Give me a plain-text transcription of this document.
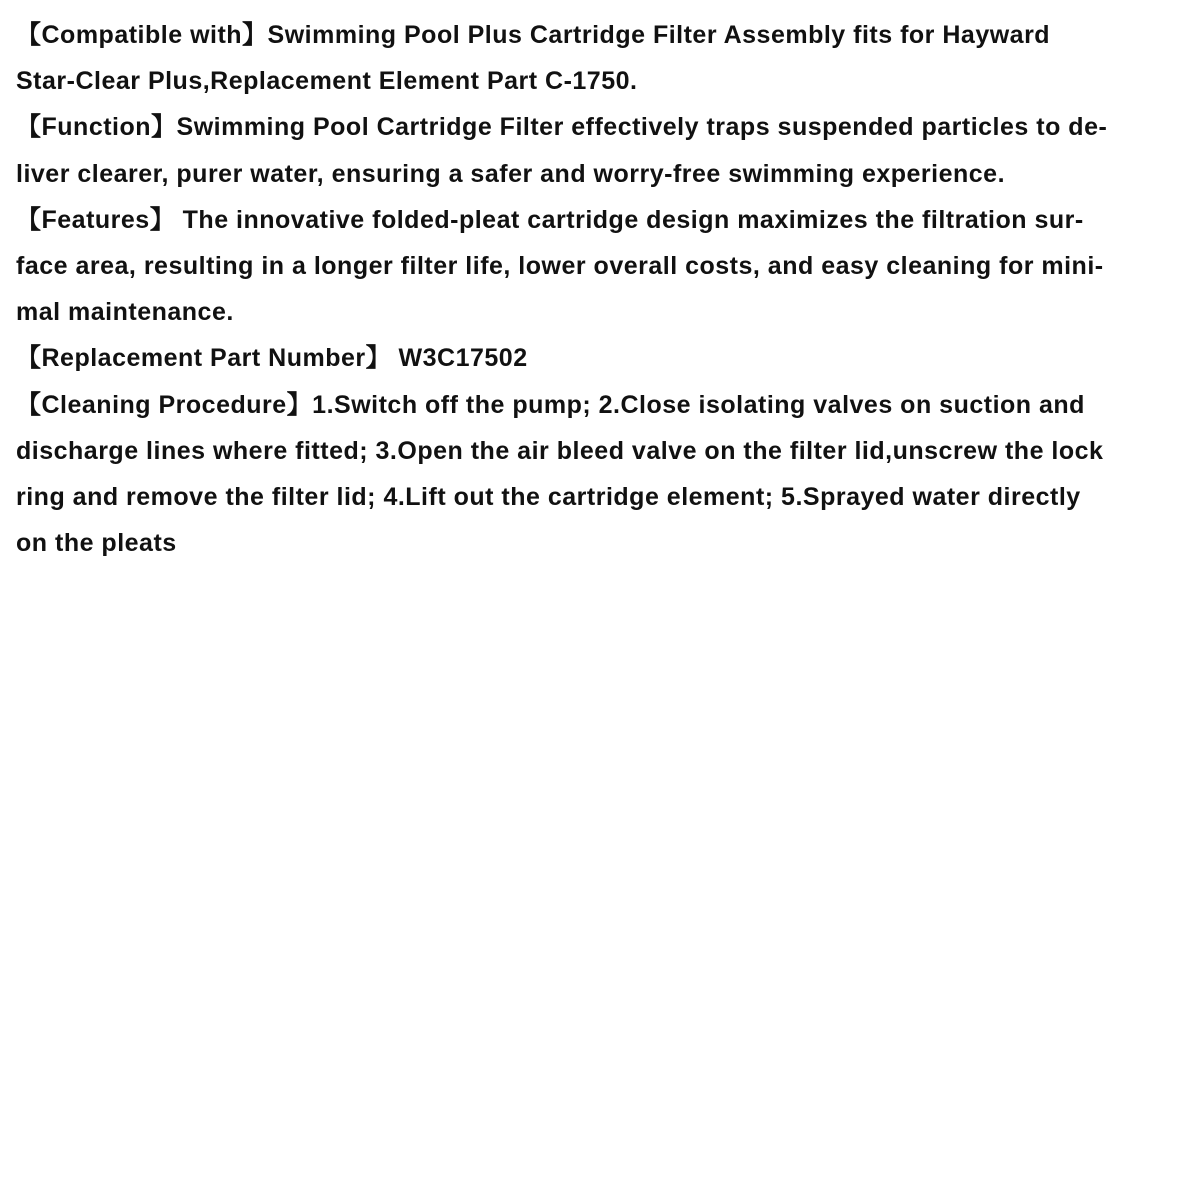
【Compatible with】Swimming Pool Plus Cartridge Filter Assembly fits for Hayward
Star-Clear Plus,Replacement Element Part C-1750.
【Function】Swimming Pool Cartridge Filter effectively traps suspended particles to de-
liver clearer, purer water, ensuring a safer and worry-free swimming experience.
【Features】 The innovative folded-pleat cartridge design maximizes the filtration sur-
face area, resulting in a longer filter life, lower overall costs, and easy cleaning for mini-
mal maintenance.
【Replacement Part Number】 W3C17502
【Cleaning Procedure】1.Switch off the pump; 2.Close isolating valves on suction and
discharge lines where fitted; 3.Open the air bleed valve on the filter lid,unscrew the lock
ring and remove the filter lid; 4.Lift out the cartridge element; 5.Sprayed water directly
on the pleats
